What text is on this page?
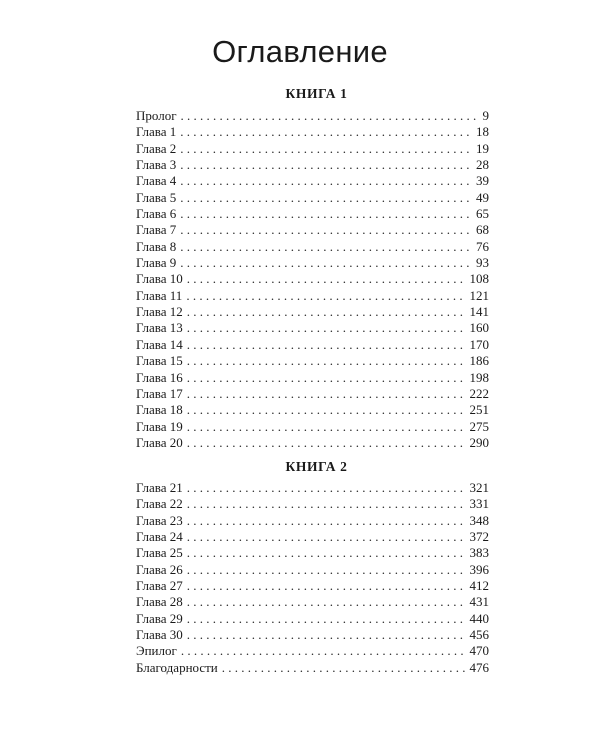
Оглавление
КНИГА 1
Пролог . . .	9
Глава 1 . . .	18
Глава 2 . . .	19
Глава 3 . . .	28
Глава 4 . . .	39
Глава 5 . . .	49
Глава 6 . . .	65
Глава 7 . . .	68
Глава 8 . . .	76
Глава 9 . . .	93
Глава 10 . . .	108
Глава 11 . . .	121
Глава 12 . . .	141
Глава 13 . . .	160
Глава 14 . . .	170
Глава 15 . . .	186
Глава 16 . . .	198
Глава 17 . . .	222
Глава 18 . . .	251
Глава 19 . . .	275
Глава 20 . . .	290
КНИГА 2
Глава 21 . . .	321
Глава 22 . . .	331
Глава 23 . . .	348
Глава 24 . . .	372
Глава 25 . . .	383
Глава 26 . . .	396
Глава 27 . . .	412
Глава 28 . . .	431
Глава 29 . . .	440
Глава 30 . . .	456
Эпилог . . .	470
Благодарности . . .	476
